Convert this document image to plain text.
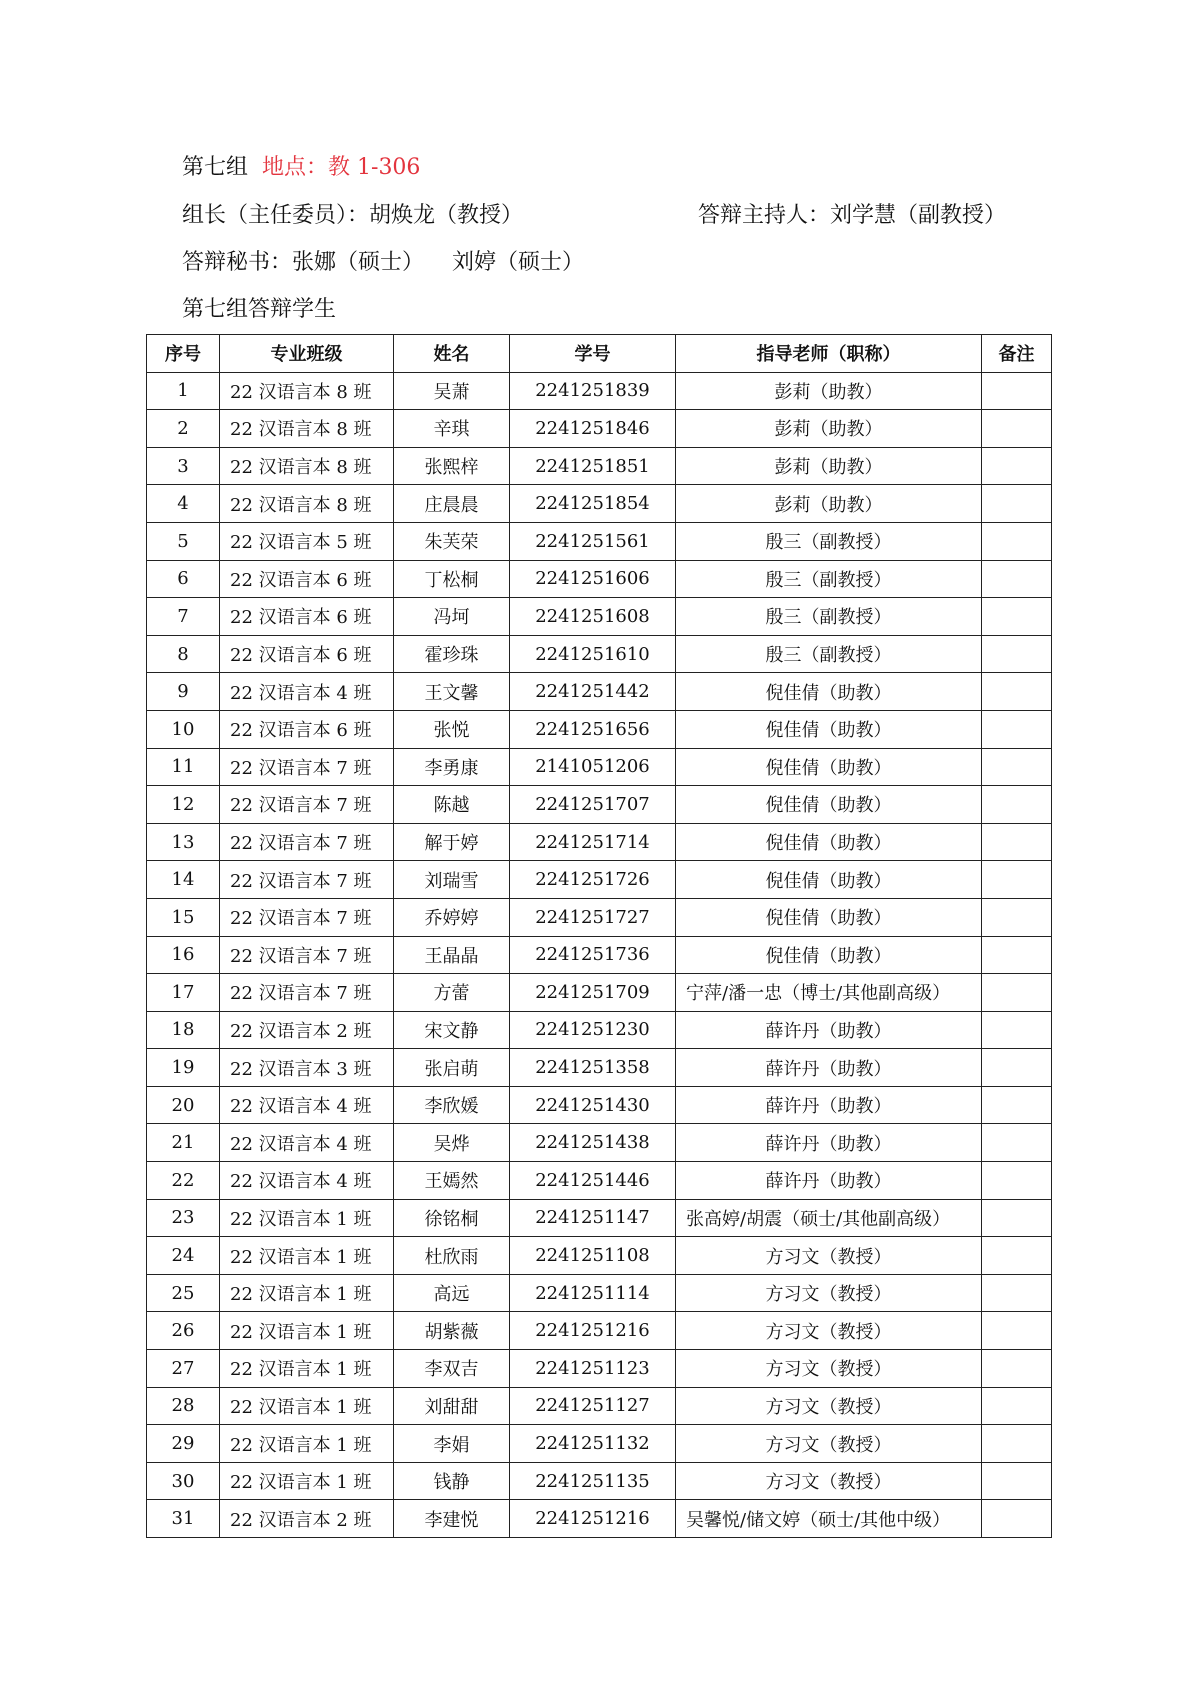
第七组 地点：教 1-306
组长（主任委员）：胡焕龙（教授）	答辩主持人：刘学慧（副教授）
答辩秘书：张娜（硕士） 刘婷（硕士）
第七组答辩学生
序号	专业班级	姓名	学号	指导老师（职称）	备注
1	22 汉语言本 8 班	吴萧	2241251839	彭莉（助教）	
2	22 汉语言本 8 班	辛琪	2241251846	彭莉（助教）	
3	22 汉语言本 8 班	张熙梓	2241251851	彭莉（助教）	
4	22 汉语言本 8 班	庄晨晨	2241251854	彭莉（助教）	
5	22 汉语言本 5 班	朱芙荣	2241251561	殷三（副教授）	
6	22 汉语言本 6 班	丁松桐	2241251606	殷三（副教授）	
7	22 汉语言本 6 班	冯坷	2241251608	殷三（副教授）	
8	22 汉语言本 6 班	霍珍珠	2241251610	殷三（副教授）	
9	22 汉语言本 4 班	王文馨	2241251442	倪佳倩（助教）	
10	22 汉语言本 6 班	张悦	2241251656	倪佳倩（助教）	
11	22 汉语言本 7 班	李勇康	2141051206	倪佳倩（助教）	
12	22 汉语言本 7 班	陈越	2241251707	倪佳倩（助教）	
13	22 汉语言本 7 班	解于婷	2241251714	倪佳倩（助教）	
14	22 汉语言本 7 班	刘瑞雪	2241251726	倪佳倩（助教）	
15	22 汉语言本 7 班	乔婷婷	2241251727	倪佳倩（助教）	
16	22 汉语言本 7 班	王晶晶	2241251736	倪佳倩（助教）	
17	22 汉语言本 7 班	方蕾	2241251709	宁萍/潘一忠（博士/其他副高级）	
18	22 汉语言本 2 班	宋文静	2241251230	薛许丹（助教）	
19	22 汉语言本 3 班	张启萌	2241251358	薛许丹（助教）	
20	22 汉语言本 4 班	李欣媛	2241251430	薛许丹（助教）	
21	22 汉语言本 4 班	吴烨	2241251438	薛许丹（助教）	
22	22 汉语言本 4 班	王嫣然	2241251446	薛许丹（助教）	
23	22 汉语言本 1 班	徐铭桐	2241251147	张高婷/胡震（硕士/其他副高级）	
24	22 汉语言本 1 班	杜欣雨	2241251108	方习文（教授）	
25	22 汉语言本 1 班	高远	2241251114	方习文（教授）	
26	22 汉语言本 1 班	胡紫薇	2241251216	方习文（教授）	
27	22 汉语言本 1 班	李双吉	2241251123	方习文（教授）	
28	22 汉语言本 1 班	刘甜甜	2241251127	方习文（教授）	
29	22 汉语言本 1 班	李娟	2241251132	方习文（教授）	
30	22 汉语言本 1 班	钱静	2241251135	方习文（教授）	
31	22 汉语言本 2 班	李建悦	2241251216	吴馨悦/储文婷（硕士/其他中级）	
